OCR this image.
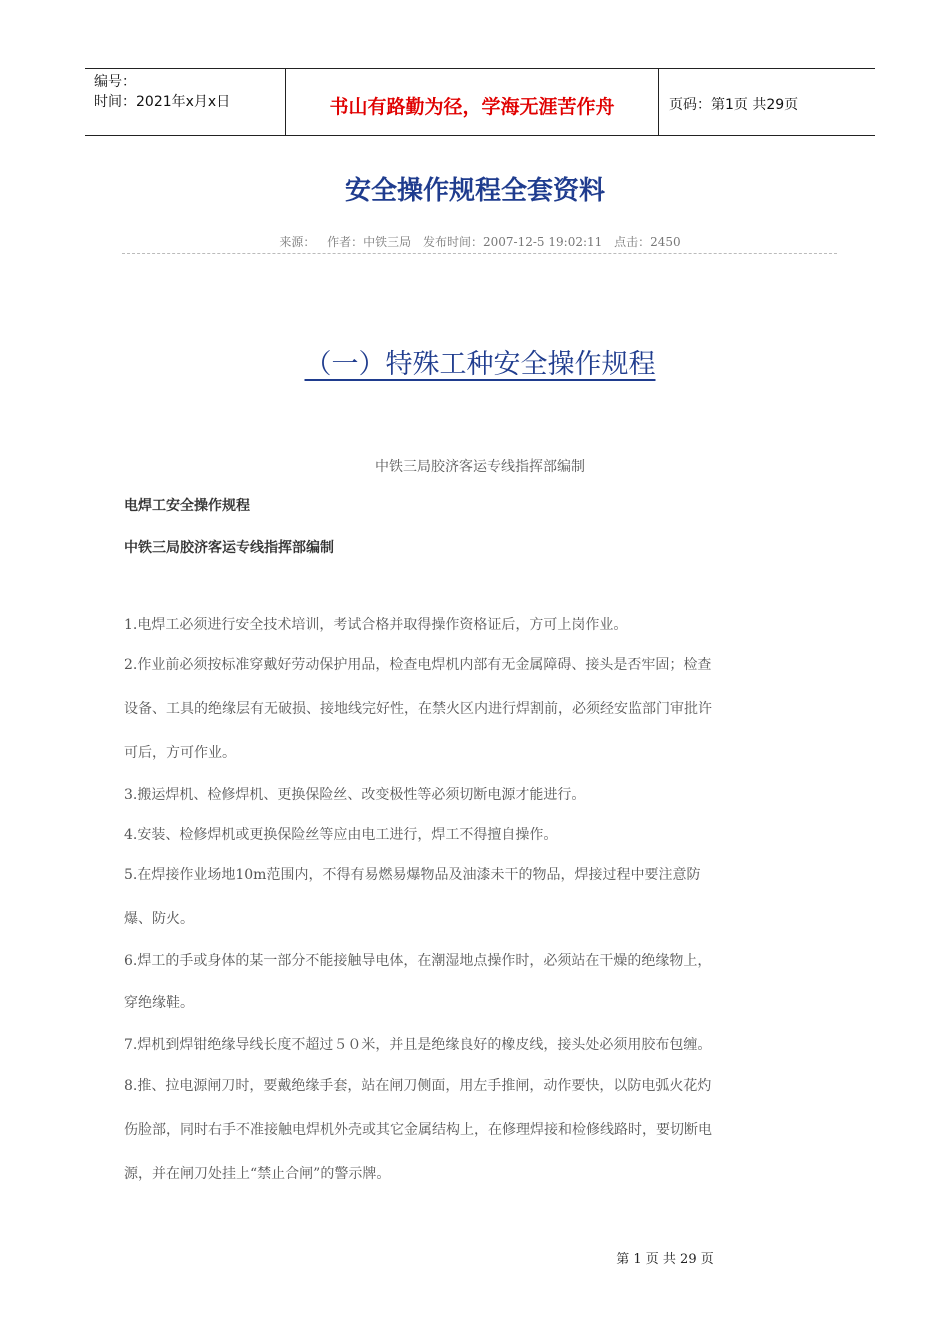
编号：
时间：2021年x月x日	书山有路勤为径，学海无涯苦作舟	页码：第1页 共29页
安全操作规程全套资料
来源： 作者：中铁三局 发布时间：2007-12-5 19:02:11 点击：2450
（一）特殊工种安全操作规程
中铁三局胶济客运专线指挥部编制
电焊工安全操作规程
中铁三局胶济客运专线指挥部编制
1.电焊工必须进行安全技术培训，考试合格并取得操作资格证后，方可上岗作业。
2.作业前必须按标准穿戴好劳动保护用品，检查电焊机内部有无金属障碍、接头是否牢固；检查
设备、工具的绝缘层有无破损、接地线完好性，在禁火区内进行焊割前，必须经安监部门审批许
可后，方可作业。
3.搬运焊机、检修焊机、更换保险丝、改变极性等必须切断电源才能进行。
4.安装、检修焊机或更换保险丝等应由电工进行，焊工不得擅自操作。
5.在焊接作业场地10m范围内，不得有易燃易爆物品及油漆未干的物品，焊接过程中要注意防
爆、防火。
6.焊工的手或身体的某一部分不能接触导电体，在潮湿地点操作时，必须站在干燥的绝缘物上，
穿绝缘鞋。
7.焊机到焊钳绝缘导线长度不超过５０米，并且是绝缘良好的橡皮线，接头处必须用胶布包缠。
8.推、拉电源闸刀时，要戴绝缘手套，站在闸刀侧面，用左手推闸，动作要快，以防电弧火花灼
伤脸部，同时右手不准接触电焊机外壳或其它金属结构上，在修理焊接和检修线路时，要切断电
源，并在闸刀处挂上“禁止合闸”的警示牌。
第 1 页 共 29 页
